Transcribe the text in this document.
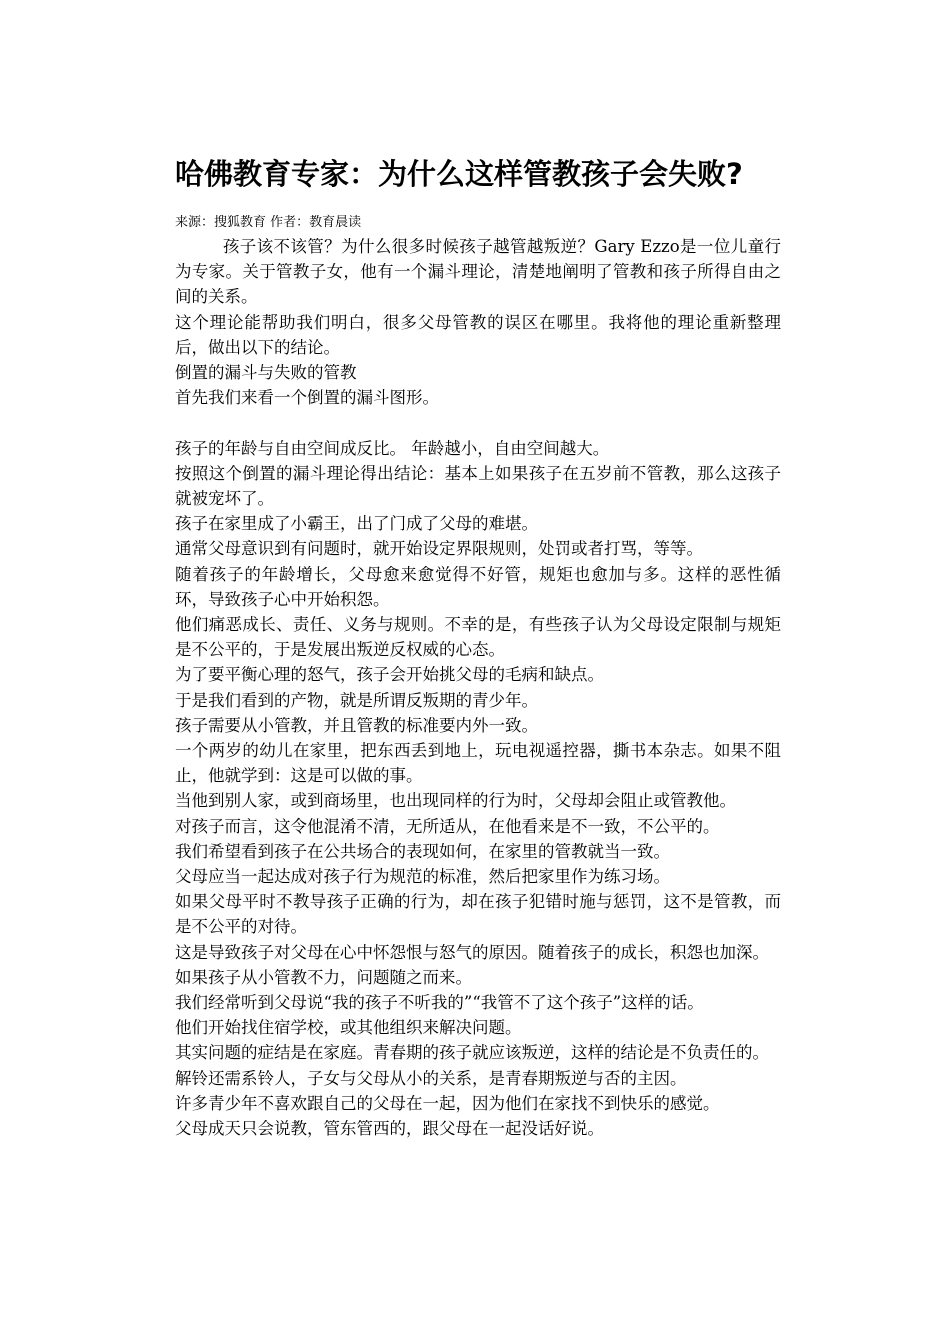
哈佛教育专家：为什么这样管教孩子会失败?
来源：搜狐教育 作者：教育晨读

孩子该不该管？为什么很多时候孩子越管越叛逆？Gary Ezzo是一位儿童行为专家。关于管教子女，他有一个漏斗理论，清楚地阐明了管教和孩子所得自由之间的关系。

这个理论能帮助我们明白，很多父母管教的误区在哪里。我将他的理论重新整理后，做出以下的结论。

倒置的漏斗与失败的管教

首先我们来看一个倒置的漏斗图形。

孩子的年龄与自由空间成反比。 年龄越小，自由空间越大。

按照这个倒置的漏斗理论得出结论：基本上如果孩子在五岁前不管教，那么这孩子就被宠坏了。

孩子在家里成了小霸王，出了门成了父母的难堪。

通常父母意识到有问题时，就开始设定界限规则，处罚或者打骂，等等。

随着孩子的年龄增长，父母愈来愈觉得不好管，规矩也愈加与多。这样的恶性循环，导致孩子心中开始积怨。

他们痛恶成长、责任、义务与规则。不幸的是，有些孩子认为父母设定限制与规矩是不公平的，于是发展出叛逆反权威的心态。

为了要平衡心理的怒气，孩子会开始挑父母的毛病和缺点。

于是我们看到的产物，就是所谓反叛期的青少年。

孩子需要从小管教，并且管教的标准要内外一致。

一个两岁的幼儿在家里，把东西丢到地上，玩电视遥控器，撕书本杂志。如果不阻止，他就学到：这是可以做的事。

当他到别人家，或到商场里，也出现同样的行为时，父母却会阻止或管教他。

对孩子而言，这令他混淆不清，无所适从，在他看来是不一致，不公平的。

我们希望看到孩子在公共场合的表现如何，在家里的管教就当一致。

父母应当一起达成对孩子行为规范的标准，然后把家里作为练习场。

如果父母平时不教导孩子正确的行为，却在孩子犯错时施与惩罚，这不是管教，而是不公平的对待。

这是导致孩子对父母在心中怀怨恨与怒气的原因。随着孩子的成长，积怨也加深。

如果孩子从小管教不力，问题随之而来。

我们经常听到父母说“我的孩子不听我的”“我管不了这个孩子”这样的话。

他们开始找住宿学校，或其他组织来解决问题。

其实问题的症结是在家庭。青春期的孩子就应该叛逆，这样的结论是不负责任的。

解铃还需系铃人，子女与父母从小的关系，是青春期叛逆与否的主因。

许多青少年不喜欢跟自己的父母在一起，因为他们在家找不到快乐的感觉。

父母成天只会说教，管东管西的，跟父母在一起没话好说。
